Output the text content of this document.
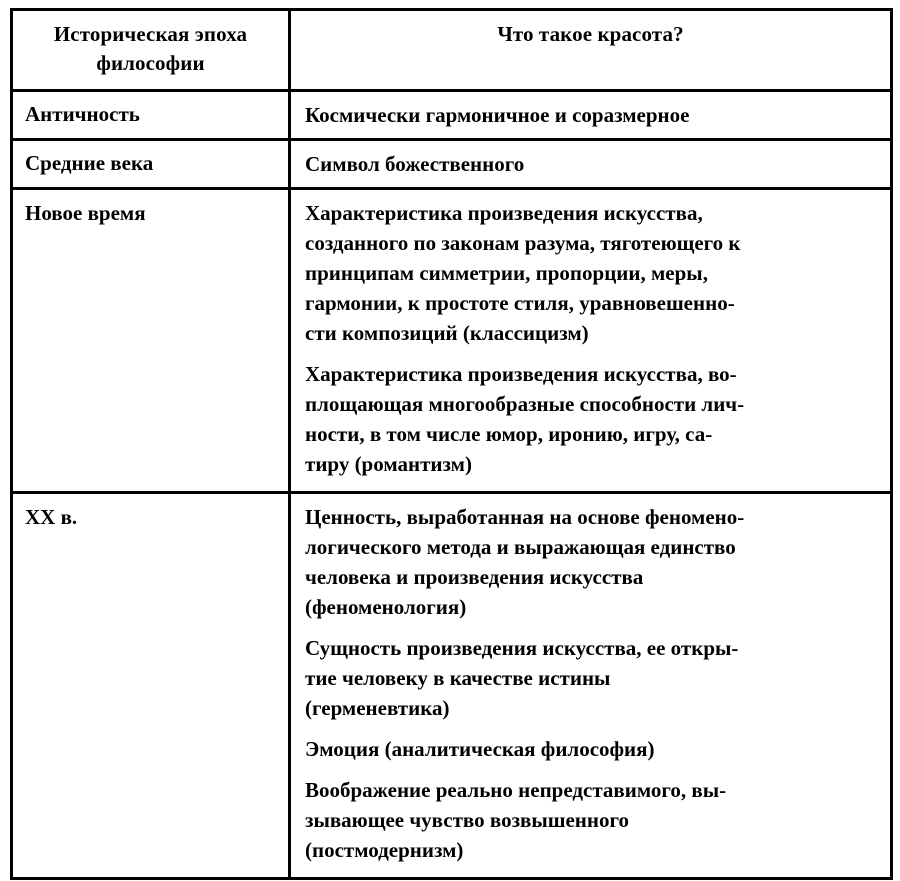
Историческая эпоха
философии	Что такое красота?

Античность	Космически гармоничное и соразмерное

Средние века	Символ божественного

Новое время	Характеристика произведения искусства,
созданного по законам разума, тяготеющего к
принципам симметрии, пропорции, меры,
гармонии, к простоте стиля, уравновешенно-
сти композиций (классицизм)

Характеристика произведения искусства, во-
площающая многообразные способности лич-
ности, в том числе юмор, иронию, игру, са-
тиру (романтизм)

XX в.	Ценность, выработанная на основе феномено-
логического метода и выражающая единство
человека и произведения искусства
(феноменология)

Сущность произведения искусства, ее откры-
тие человеку в качестве истины
(герменевтика)

Эмоция (аналитическая философия)

Воображение реально непредставимого, вы-
зывающее чувство возвышенного
(постмодернизм)
